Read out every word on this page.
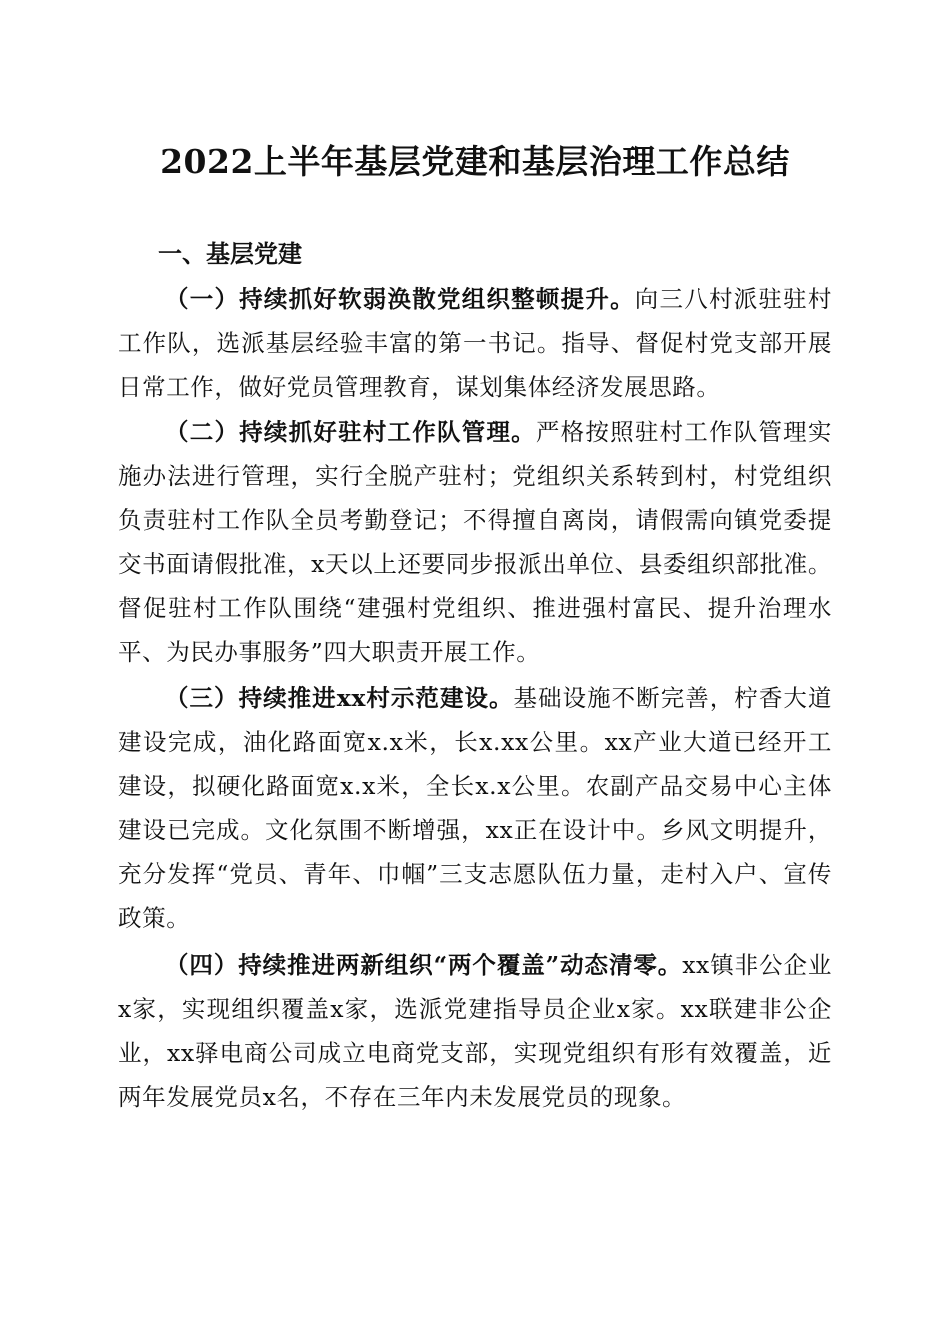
2022上半年基层党建和基层治理工作总结
一、基层党建

（一）持续抓好软弱涣散党组织整顿提升。向三八村派驻驻村工作队，选派基层经验丰富的第一书记。指导、督促村党支部开展日常工作，做好党员管理教育，谋划集体经济发展思路。

（二）持续抓好驻村工作队管理。严格按照驻村工作队管理实施办法进行管理，实行全脱产驻村；党组织关系转到村，村党组织负责驻村工作队全员考勤登记；不得擅自离岗，请假需向镇党委提交书面请假批准，x天以上还要同步报派出单位、县委组织部批准。督促驻村工作队围绕“建强村党组织、推进强村富民、提升治理水平、为民办事服务”四大职责开展工作。

（三）持续推进xx村示范建设。基础设施不断完善，柠香大道建设完成，油化路面宽x.x米，长x.xx公里。xx产业大道已经开工建设，拟硬化路面宽x.x米，全长x.x公里。农副产品交易中心主体建设已完成。文化氛围不断增强，xx正在设计中。乡风文明提升，充分发挥“党员、青年、巾帼”三支志愿队伍力量，走村入户、宣传政策。

（四）持续推进两新组织“两个覆盖”动态清零。xx镇非公企业x家，实现组织覆盖x家，选派党建指导员企业x家。xx联建非公企业，xx驿电商公司成立电商党支部，实现党组织有形有效覆盖，近两年发展党员x名，不存在三年内未发展党员的现象。
